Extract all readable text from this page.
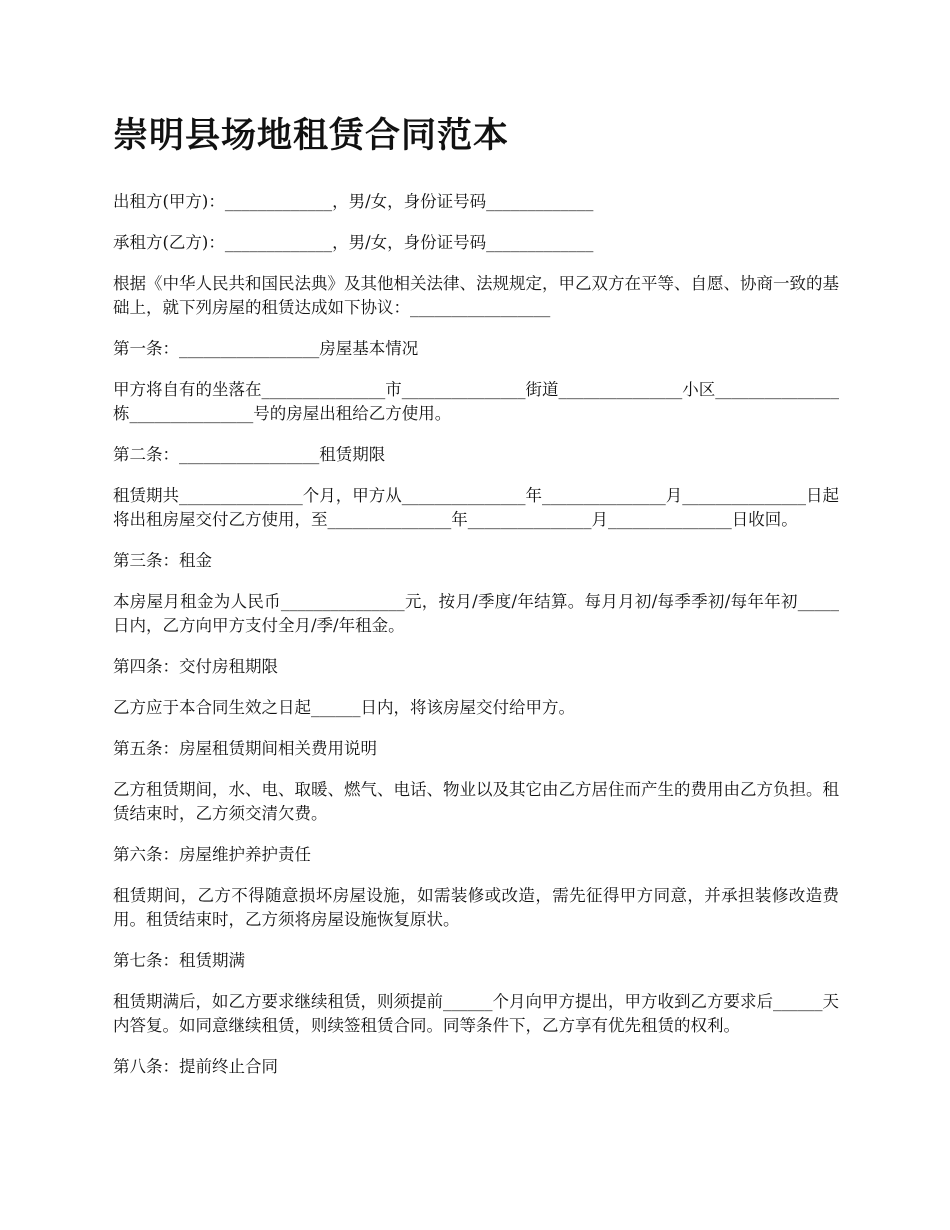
崇明县场地租赁合同范本

出租方(甲方)：_____________，男/女，身份证号码_____________

承租方(乙方)：_____________，男/女，身份证号码_____________

根据《中华人民共和国民法典》及其他相关法律、法规规定，甲乙双方在平等、自愿、协商一致的基础上，就下列房屋的租赁达成如下协议：_________________

第一条：_________________房屋基本情况

甲方将自有的坐落在_______________市_______________街道_______________小区_______________栋_______________号的房屋出租给乙方使用。

第二条：_________________租赁期限

租赁期共_______________个月，甲方从_______________年_______________月_______________日起将出租房屋交付乙方使用，至_______________年_______________月_______________日收回。

第三条：租金

本房屋月租金为人民币_______________元，按月/季度/年结算。每月月初/每季季初/每年年初_____日内，乙方向甲方支付全月/季/年租金。

第四条：交付房租期限

乙方应于本合同生效之日起______日内，将该房屋交付给甲方。

第五条：房屋租赁期间相关费用说明

乙方租赁期间，水、电、取暖、燃气、电话、物业以及其它由乙方居住而产生的费用由乙方负担。租赁结束时，乙方须交清欠费。

第六条：房屋维护养护责任

租赁期间，乙方不得随意损坏房屋设施，如需装修或改造，需先征得甲方同意，并承担装修改造费用。租赁结束时，乙方须将房屋设施恢复原状。

第七条：租赁期满

租赁期满后，如乙方要求继续租赁，则须提前______个月向甲方提出，甲方收到乙方要求后______天内答复。如同意继续租赁，则续签租赁合同。同等条件下，乙方享有优先租赁的权利。

第八条：提前终止合同
